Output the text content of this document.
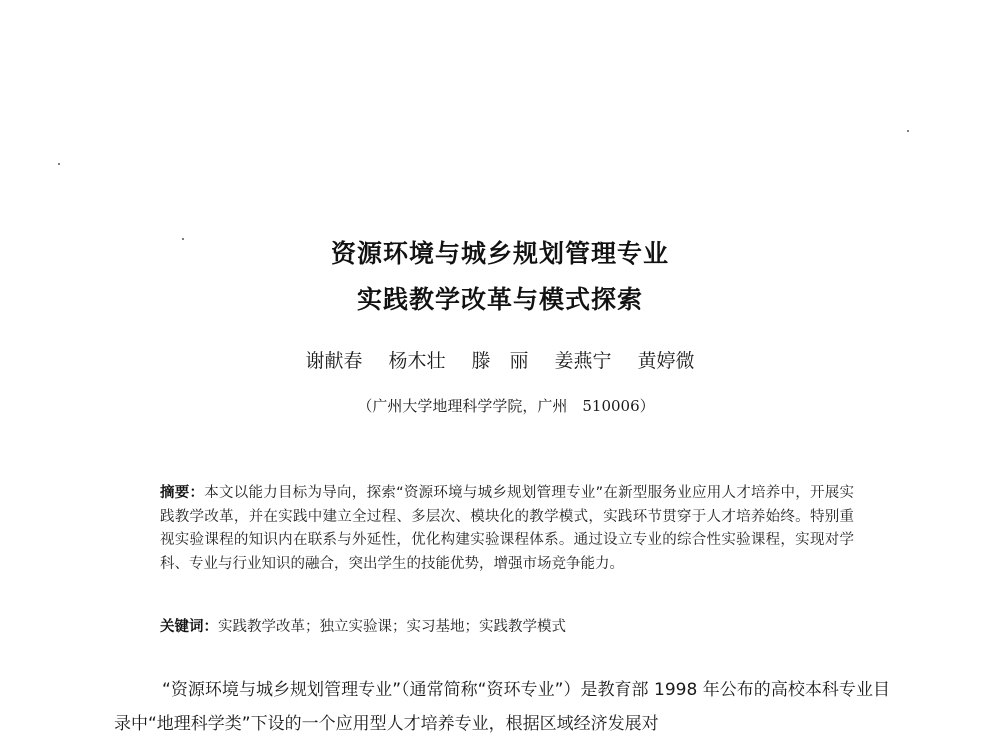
资源环境与城乡规划管理专业
实践教学改革与模式探索
谢献春 杨木壮 滕　丽 姜燕宁 黄婷微
（广州大学地理科学学院，广州　510006）
摘要：本文以能力目标为导向，探索“资源环境与城乡规划管理专业”在新型服务业应用人才培养中，开展实践教学改革，并在实践中建立全过程、多层次、模块化的教学模式，实践环节贯穿于人才培养始终。特别重视实验课程的知识内在联系与外延性，优化构建实验课程体系。通过设立专业的综合性实验课程，实现对学科、专业与行业知识的融合，突出学生的技能优势，增强市场竞争能力。
关键词：实践教学改革；独立实验课；实习基地；实践教学模式
“资源环境与城乡规划管理专业”（通常简称“资环专业”）是教育部 1998 年公布的高校本科专业目录中“地理科学类”下设的一个应用型人才培养专业，根据区域经济发展对
